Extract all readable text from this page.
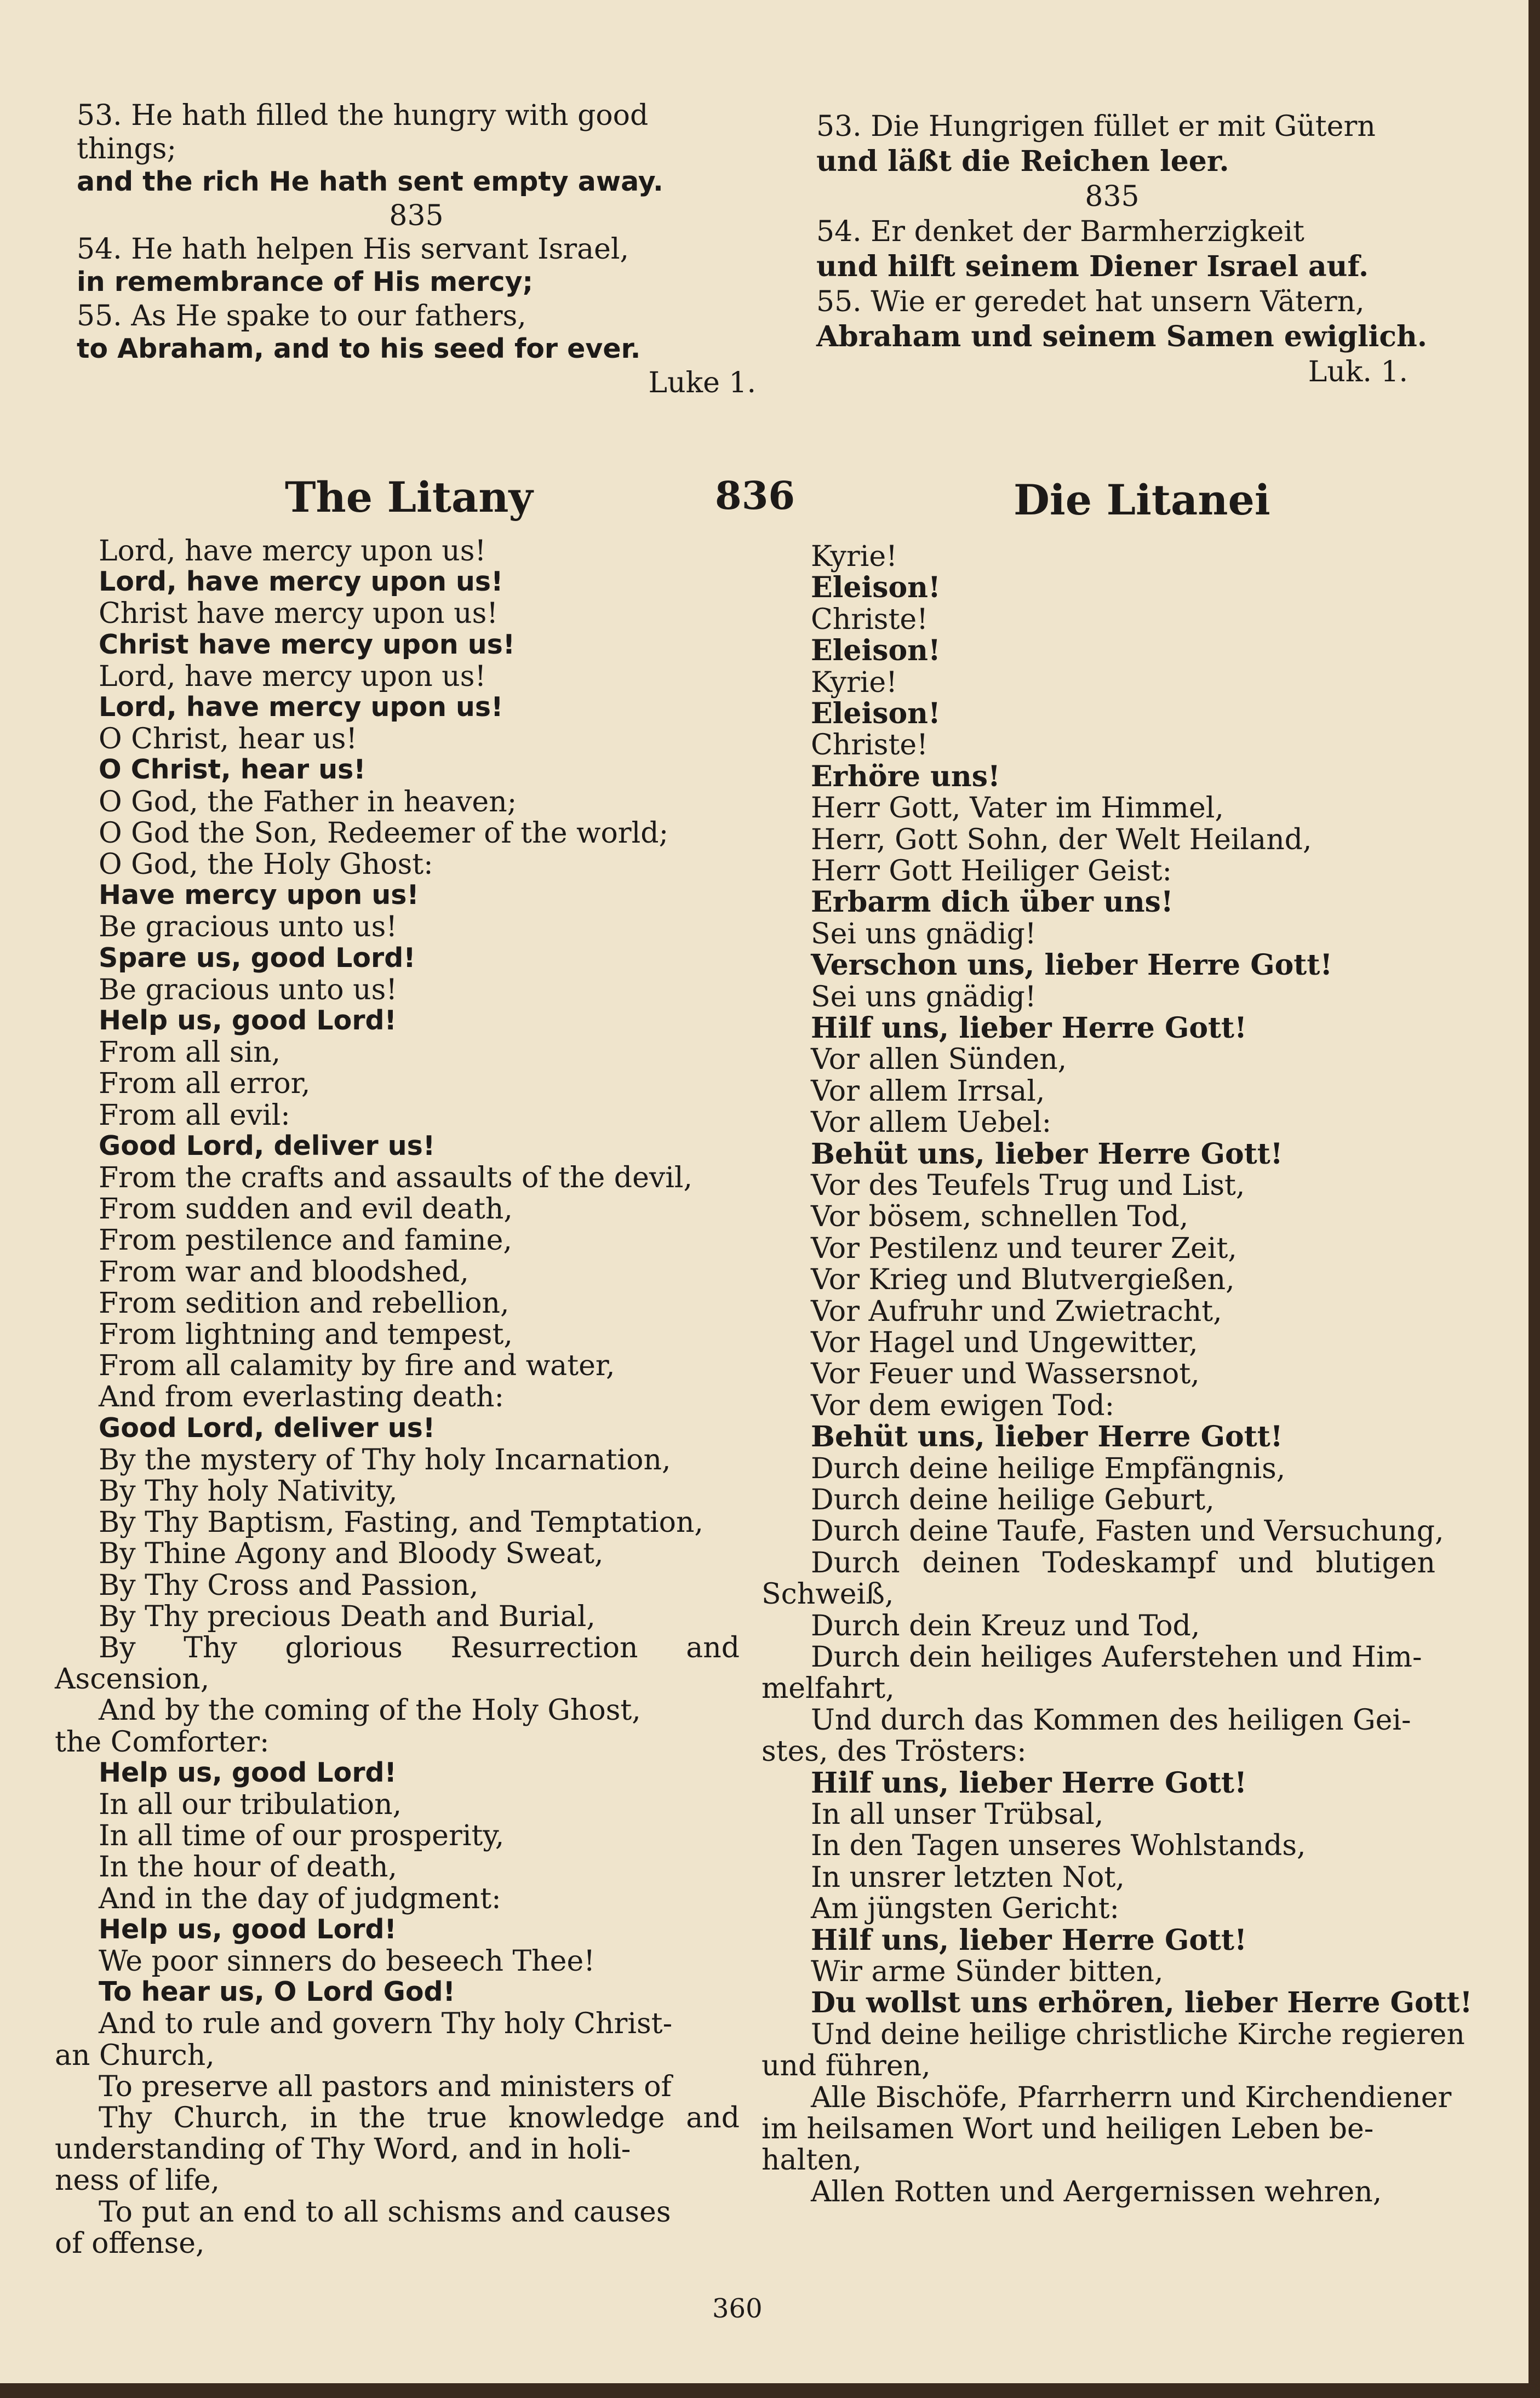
53. He hath filled the hungry with good
things;
and the rich He hath sent empty away.
835
54. He hath helpen His servant Israel,
in remembrance of His mercy;
55. As He spake to our fathers,
to Abraham, and to his seed for ever.
Luke 1.
The Litany	836
Lord, have mercy upon us!
Lord, have mercy upon us!
Christ have mercy upon us!
Christ have mercy upon us!
Lord, have mercy upon us!
Lord, have mercy upon us!
O Christ, hear us!
O Christ, hear us!
O God, the Father in heaven;
O God the Son, Redeemer of the world;
O God, the Holy Ghost:
Have mercy upon us!
Be gracious unto us!
Spare us, good Lord!
Be gracious unto us!
Help us, good Lord!
From all sin,
From all error,
From all evil:
Good Lord, deliver us!
From the crafts and assaults of the devil,
From sudden and evil death,
From pestilence and famine,
From war and bloodshed,
From sedition and rebellion,
From lightning and tempest,
From all calamity by fire and water,
And from everlasting death:
Good Lord, deliver us!
By the mystery of Thy holy Incarnation,
By Thy holy Nativity,
By Thy Baptism, Fasting, and Temptation,
By Thine Agony and Bloody Sweat,
By Thy Cross and Passion,
By Thy precious Death and Burial,
By Thy glorious Resurrection and
Ascension,
And by the coming of the Holy Ghost,
the Comforter:
Help us, good Lord!
In all our tribulation,
In all time of our prosperity,
In the hour of death,
And in the day of judgment:
Help us, good Lord!
We poor sinners do beseech Thee!
To hear us, O Lord God!
And to rule and govern Thy holy Christ-
an Church,
To preserve all pastors and ministers of
Thy Church, in the true knowledge and
understanding of Thy Word, and in holi-
ness of life,
To put an end to all schisms and causes
of offense,
53. Die Hungrigen füllet er mit Gütern
und läßt die Reichen leer.
835
54. Er denket der Barmherzigkeit
und hilft seinem Diener Israel auf.
55. Wie er geredet hat unsern Vätern,
Abraham und seinem Samen ewiglich.
Luk. 1.
Die Litanei
Kyrie!
Eleison!
Christe!
Eleison!
Kyrie!
Eleison!
Christe!
Erhöre uns!
Herr Gott, Vater im Himmel,
Herr, Gott Sohn, der Welt Heiland,
Herr Gott Heiliger Geist:
Erbarm dich über uns!
Sei uns gnädig!
Verschon uns, lieber Herre Gott!
Sei uns gnädig!
Hilf uns, lieber Herre Gott!
Vor allen Sünden,
Vor allem Irrsal,
Vor allem Uebel:
Behüt uns, lieber Herre Gott!
Vor des Teufels Trug und List,
Vor bösem, schnellen Tod,
Vor Pestilenz und teurer Zeit,
Vor Krieg und Blutvergießen,
Vor Aufruhr und Zwietracht,
Vor Hagel und Ungewitter,
Vor Feuer und Wassersnot,
Vor dem ewigen Tod:
Behüt uns, lieber Herre Gott!
Durch deine heilige Empfängnis,
Durch deine heilige Geburt,
Durch deine Taufe, Fasten und Versuchung,
Durch deinen Todeskampf und blutigen
Schweiß,
Durch dein Kreuz und Tod,
Durch dein heiliges Auferstehen und Him-
melfahrt,
Und durch das Kommen des heiligen Gei-
stes, des Trösters:
Hilf uns, lieber Herre Gott!
In all unser Trübsal,
In den Tagen unseres Wohlstands,
In unsrer letzten Not,
Am jüngsten Gericht:
Hilf uns, lieber Herre Gott!
Wir arme Sünder bitten,
Du wollst uns erhören, lieber Herre Gott!
Und deine heilige christliche Kirche regieren
und führen,
Alle Bischöfe, Pfarrherrn und Kirchendiener
im heilsamen Wort und heiligen Leben be-
halten,
Allen Rotten und Aergernissen wehren,
360
